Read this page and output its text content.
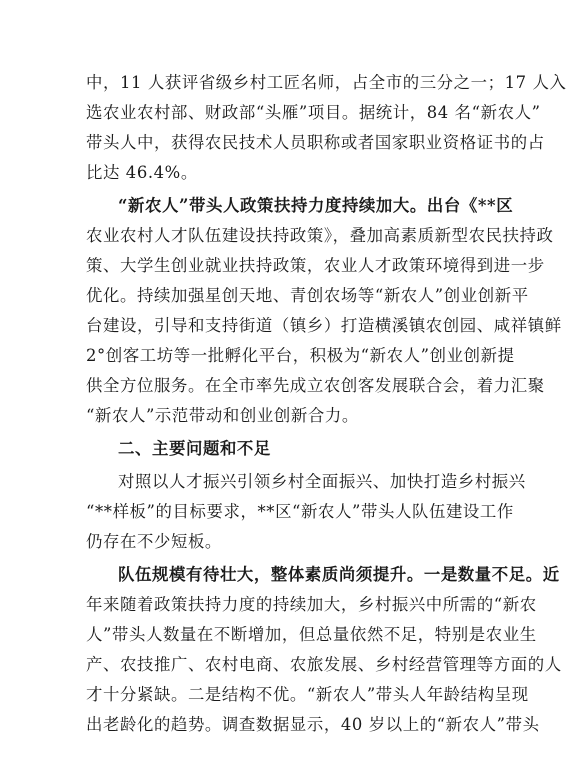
中，11 人获评省级乡村工匠名师，占全市的三分之一；17 人入
选农业农村部、财政部“头雁”项目。据统计，84 名“新农人”
带头人中，获得农民技术人员职称或者国家职业资格证书的占
比达 46.4%。
“新农人”带头人政策扶持力度持续加大。出台《**区
农业农村人才队伍建设扶持政策》，叠加高素质新型农民扶持政
策、大学生创业就业扶持政策，农业人才政策环境得到进一步
优化。持续加强星创天地、青创农场等“新农人”创业创新平
台建设，引导和支持街道（镇乡）打造横溪镇农创园、咸祥镇鲜
2°创客工坊等一批孵化平台，积极为“新农人”创业创新提
供全方位服务。在全市率先成立农创客发展联合会，着力汇聚
“新农人”示范带动和创业创新合力。
二、主要问题和不足
对照以人才振兴引领乡村全面振兴、加快打造乡村振兴
“**样板”的目标要求，**区“新农人”带头人队伍建设工作
仍存在不少短板。
队伍规模有待壮大，整体素质尚须提升。一是数量不足。近
年来随着政策扶持力度的持续加大，乡村振兴中所需的“新农
人”带头人数量在不断增加，但总量依然不足，特别是农业生
产、农技推广、农村电商、农旅发展、乡村经营管理等方面的人
才十分紧缺。二是结构不优。“新农人”带头人年龄结构呈现
出老龄化的趋势。调查数据显示，40 岁以上的“新农人”带头
